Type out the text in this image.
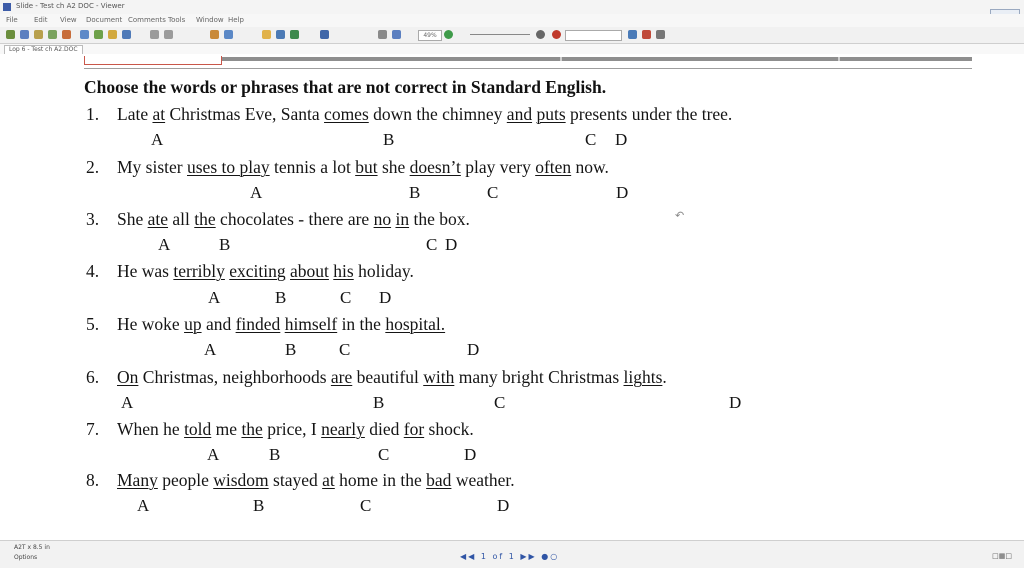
Slide - Test ch A2 DOC - Viewer
File Edit View Document Comments Tools Window Help
49%
Lop 6 - Test ch A2.DOC
Choose the words or phrases that are not correct in Standard English.
1. Late at Christmas Eve, Santa comes down the chimney and puts presents under the tree.
A	B	C D
2. My sister uses to play tennis a lot but she doesn’t play very often now.
A	B	C	D
3. She ate all the chocolates - there are no in the box.	↶
A	B	C D
4. He was terribly exciting about his holiday.
A	B	C D
5. He woke up and finded himself in the hospital.
A	B	C	D
6. On Christmas, neighborhoods are beautiful with many bright Christmas lights.
A	B	C	D
7. When he told me the price, I nearly died for shock.
A	B	C	D
8. Many people wisdom stayed at home in the bad weather.
A	B	C	D
A2T x 8.5 in
Options	◀◀ 1 of 1 ▶▶ ●○	□▦□
